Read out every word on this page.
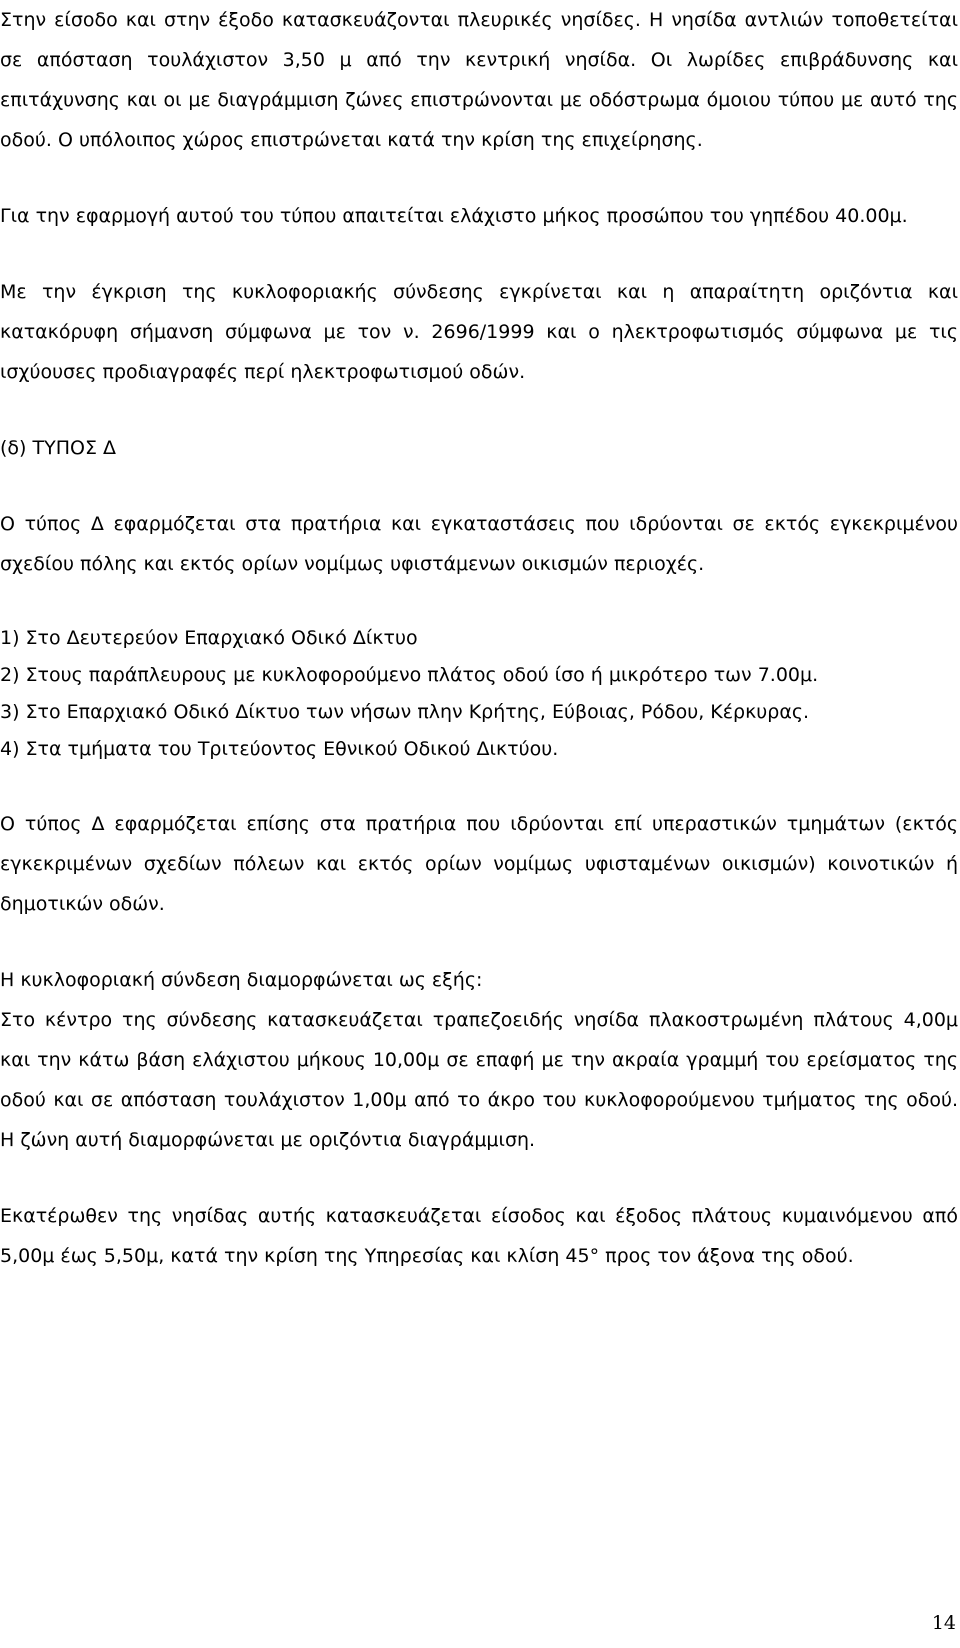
Στην είσοδο και στην έξοδο κατασκευάζονται πλευρικές νησίδες. Η νησίδα αντλιών τοποθετείται σε απόσταση τουλάχιστον 3,50 μ από την κεντρική νησίδα. Οι λωρίδες επιβράδυνσης και επιτάχυνσης και οι με διαγράμμιση ζώνες επιστρώνονται με οδόστρωμα όμοιου τύπου με αυτό της οδού. Ο υπόλοιπος χώρος επιστρώνεται κατά την κρίση της επιχείρησης.

Για την εφαρμογή αυτού του τύπου απαιτείται ελάχιστο μήκος προσώπου του γηπέδου 40.00μ.

Με την έγκριση της κυκλοφοριακής σύνδεσης εγκρίνεται και η απαραίτητη οριζόντια και κατακόρυφη σήμανση σύμφωνα με τον ν. 2696/1999 και ο ηλεκτροφωτισμός σύμφωνα με τις ισχύουσες προδιαγραφές περί ηλεκτροφωτισμού οδών.

(δ) ΤΥΠΟΣ Δ

Ο τύπος Δ εφαρμόζεται στα πρατήρια και εγκαταστάσεις που ιδρύονται σε εκτός εγκεκριμένου σχεδίου πόλης και εκτός ορίων νομίμως υφιστάμενων οικισμών περιοχές.

1) Στο Δευτερεύον Επαρχιακό Οδικό Δίκτυο

2) Στους παράπλευρους με κυκλοφορούμενο πλάτος οδού ίσο ή μικρότερο των 7.00μ.

3) Στο Επαρχιακό Οδικό Δίκτυο των νήσων πλην Κρήτης, Εύβοιας, Ρόδου, Κέρκυρας.

4) Στα τμήματα του Τριτεύοντος Εθνικού Οδικού Δικτύου.

Ο τύπος Δ εφαρμόζεται επίσης στα πρατήρια που ιδρύονται επί υπεραστικών τμημάτων (εκτός εγκεκριμένων σχεδίων πόλεων και εκτός ορίων νομίμως υφισταμένων οικισμών) κοινοτικών ή δημοτικών οδών.

Η κυκλοφοριακή σύνδεση διαμορφώνεται ως εξής:

Στο κέντρο της σύνδεσης κατασκευάζεται τραπεζοειδής νησίδα πλακοστρωμένη πλάτους 4,00μ και την κάτω βάση ελάχιστου μήκους 10,00μ σε επαφή με την ακραία γραμμή του ερείσματος της οδού και σε απόσταση τουλάχιστον 1,00μ από το άκρο του κυκλοφορούμενου τμήματος της οδού. Η ζώνη αυτή διαμορφώνεται με οριζόντια διαγράμμιση.

Εκατέρωθεν της νησίδας αυτής κατασκευάζεται είσοδος και έξοδος πλάτους κυμαινόμενου από 5,00μ έως 5,50μ, κατά την κρίση της Υπηρεσίας και κλίση 45° προς τον άξονα της οδού.

14
